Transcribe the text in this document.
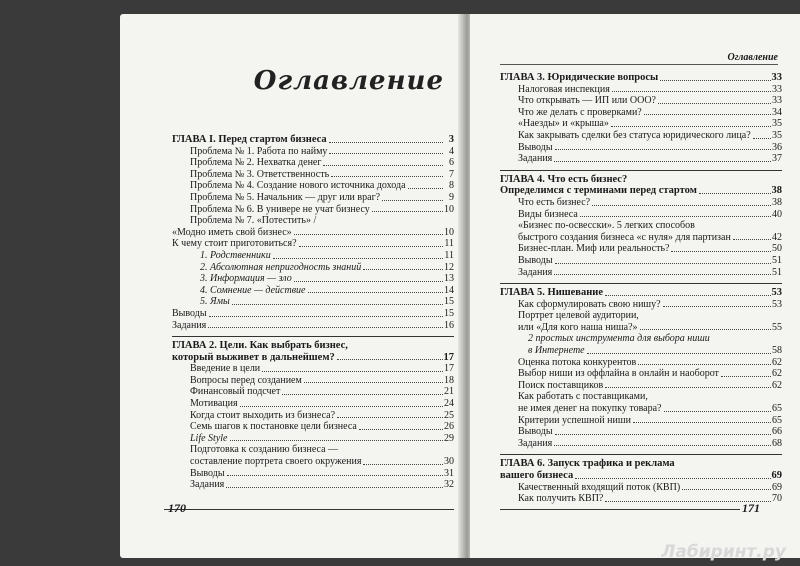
Оглавление
ГЛАВА I. Перед стартом бизнеса	3
Проблема № 1. Работа по найму	4
Проблема № 2. Нехватка денег	6
Проблема № 3. Ответственность	7
Проблема № 4. Создание нового источника дохода	8
Проблема № 5. Начальник — друг или враг?	9
Проблема № 6. В универе не учат бизнесу	10
Проблема № 7. «Потестить» /
«Модно иметь свой бизнес»	10
К чему стоит приготовиться?	11
1. Родственники	11
2. Абсолютная непригодность знаний	12
3. Информация — зло	13
4. Сомнение — действие	14
5. Ямы	15
Выводы	15
Задания	16
ГЛАВА 2. Цели. Как выбрать бизнес,
который выживет в дальнейшем?	17
Введение в цели	17
Вопросы перед созданием	18
Финансовый подсчет	21
Мотивация	24
Когда стоит выходить из бизнеса?	25
Семь шагов к постановке цели бизнеса	26
Life Style	29
Подготовка к созданию бизнеса —
составление портрета своего окружения	30
Выводы	31
Задания	32
170
Оглавление
ГЛАВА 3. Юридические вопросы	33
Налоговая инспекция	33
Что открывать — ИП или ООО?	33
Что же делать с проверками?	34
«Наезды» и «крыша»	35
Как закрывать сделки без статуса юридического лица? 35
Выводы	36
Задания	37
ГЛАВА 4. Что есть бизнес?
Определимся с терминами перед стартом	38
Что есть бизнес?	38
Виды бизнеса	40
«Бизнес по-освесски». 5 легких способов
быстрого создания бизнеса «с нуля» для партизан	42
Бизнес-план. Миф или реальность?	50
Выводы	51
Задания	51
ГЛАВА 5. Нишевание	53
Как сформулировать свою нишу?	53
Портрет целевой аудитории,
или «Для кого наша ниша?»	55
2 простых инструмента для выбора ниши
в Интернете	58
Оценка потока конкурентов	62
Выбор ниши из оффлайна в онлайн и наоборот	62
Поиск поставщиков	62
Как работать с поставщиками,
не имея денег на покупку товара?	65
Критерии успешной ниши	65
Выводы	66
Задания	68
ГЛАВА 6. Запуск трафика и реклама
вашего бизнеса	69
Качественный входящий поток (КВП)	69
Как получить КВП?	70
171
Лабиринт.ру
